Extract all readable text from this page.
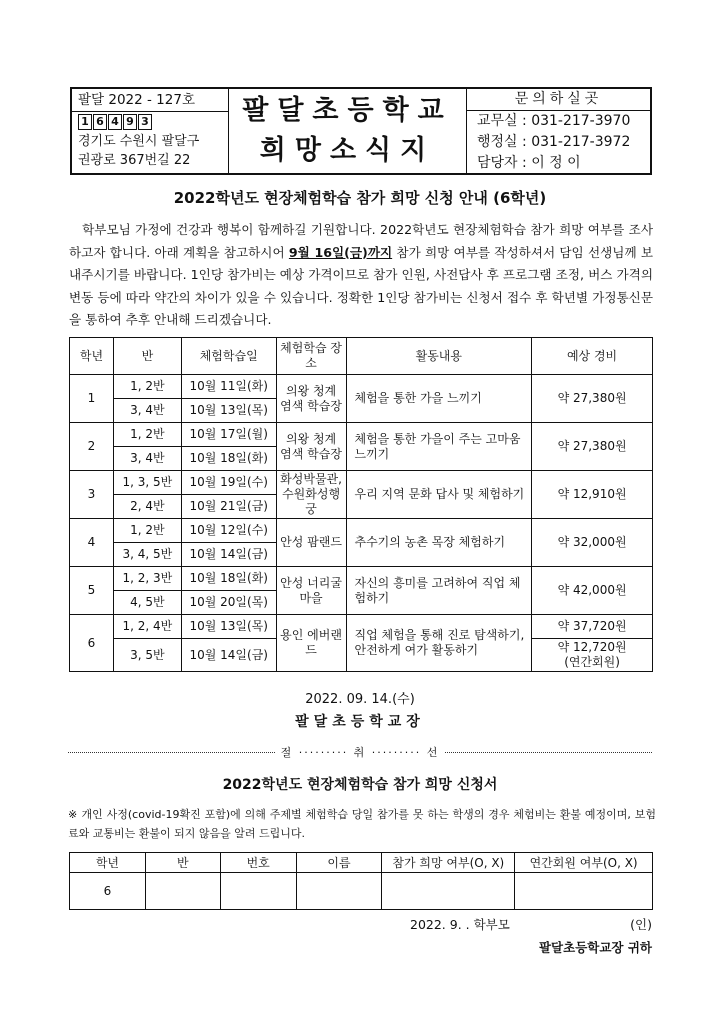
팔달 2022 - 127호
1 6 4 9 3
경기도 수원시 팔달구
권광로 367번길 22
팔달초등학교
희망소식지
문의하실곳
교무실 : 031-217-3970
행정실 : 031-217-3972
담당자 : 이 정 이
2022학년도 현장체험학습 참가 희망 신청 안내 (6학년)

학부모님 가정에 건강과 행복이 함께하길 기원합니다. 2022학년도 현장체험학습 참가 희망 여부를 조사하고자 합니다. 아래 계획을 참고하시어 9월 16일(금)까지 참가 희망 여부를 작성하셔서 담임 선생님께 보내주시기를 바랍니다. 1인당 참가비는 예상 가격이므로 참가 인원, 사전답사 후 프로그램 조정, 버스 가격의 변동 등에 따라 약간의 차이가 있을 수 있습니다. 정확한 1인당 참가비는 신청서 접수 후 학년별 가정통신문을 통하여 추후 안내해 드리겠습니다.

학년	반	체험학습일	체험학습 장소	활동내용	예상 경비
1	1, 2반	10월 11일(화)	의왕 청계 염색 학습장	체험을 통한 가을 느끼기	약 27,380원
	3, 4반	10월 13일(목)			
2	1, 2반	10월 17일(월)	의왕 청계 염색 학습장	체험을 통한 가을이 주는 고마움 느끼기	약 27,380원
	3, 4반	10월 18일(화)			
3	1, 3, 5반	10월 19일(수)	화성박물관, 수원화성행궁	우리 지역 문화 답사 및 체험하기	약 12,910원
	2, 4반	10월 21일(금)			
4	1, 2반	10월 12일(수)	안성 팜랜드	추수기의 농촌 목장 체험하기	약 32,000원
	3, 4, 5반	10월 14일(금)			
5	1, 2, 3반	10월 18일(화)	안성 너리굴 마을	자신의 흥미를 고려하여 직업 체험하기	약 42,000원
	4, 5반	10월 20일(목)			
6	1, 2, 4반	10월 13일(목)	용인 에버랜드	직업 체험을 통해 진로 탐색하기, 안전하게 여가 활동하기	약 37,720원
	3, 5반	10월 14일(금)			약 12,720원
(연간회원)
2022. 09. 14.(수)
팔달초등학교장
절 ········· 취 ········· 선
2022학년도 현장체험학습 참가 희망 신청서

※ 개인 사정(covid-19확진 포함)에 의해 주제별 체험학습 당일 참가를 못 하는 학생의 경우 체험비는 환불 예정이며, 보험료와 교통비는 환불이 되지 않음을 알려 드립니다.

학년	반	번호	이름	참가 희망 여부(O, X)	연간회원 여부(O, X)
6					
2022. 9. . 학부모	(인)
팔달초등학교장 귀하
